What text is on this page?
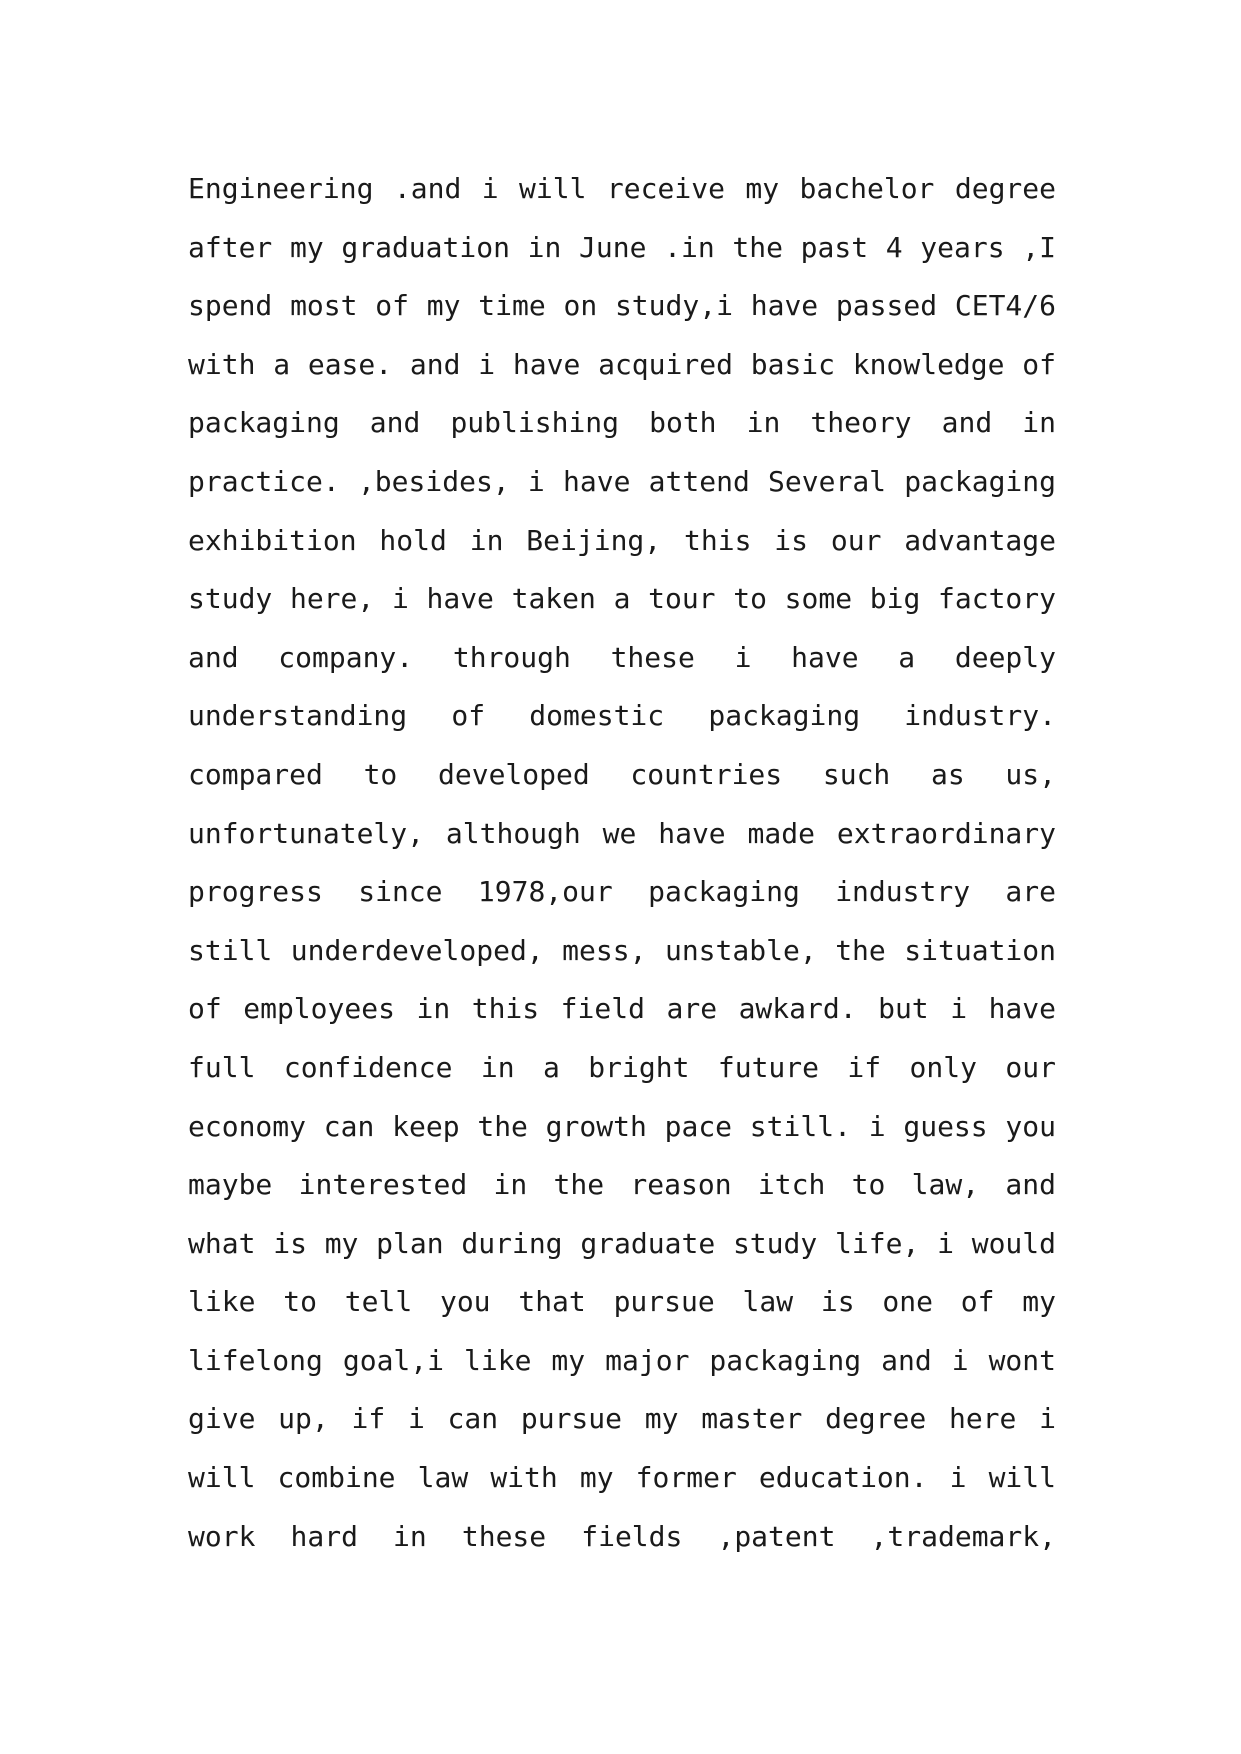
Engineering .and i will receive my bachelor degree
after my graduation in June .in the past 4 years ,I
spend most of my time on study,i have passed CET4/6
with a ease. and i have acquired basic knowledge of
packaging and publishing both in theory and in
practice. ,besides, i have attend Several packaging
exhibition hold in Beijing, this is our advantage
study here, i have taken a tour to some big factory
and company. through these i have a deeply
understanding of domestic packaging industry.
compared to developed countries such as us,
unfortunately, although we have made extraordinary
progress since 1978,our packaging industry are
still underdeveloped, mess, unstable, the situation
of employees in this field are awkard. but i have
full confidence in a bright future if only our
economy can keep the growth pace still. i guess you
maybe interested in the reason itch to law, and
what is my plan during graduate study life, i would
like to tell you that pursue law is one of my
lifelong goal,i like my major packaging and i wont
give up, if i can pursue my master degree here i
will combine law with my former education. i will
work hard in these fields ,patent ,trademark,
